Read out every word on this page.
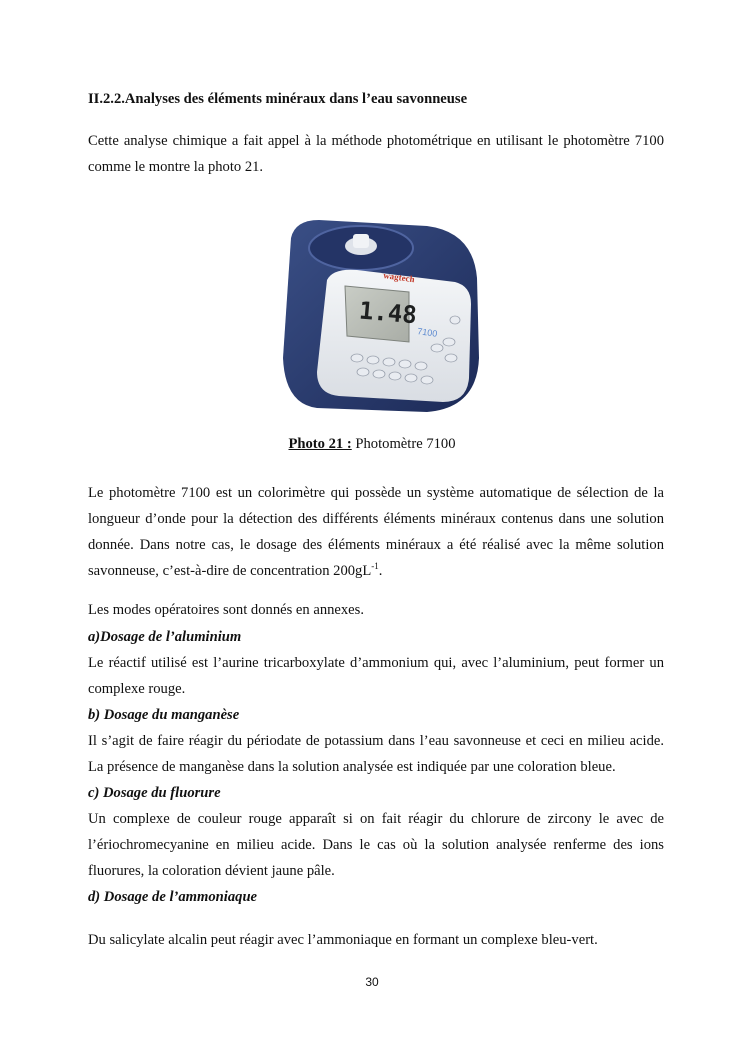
II.2.2.Analyses des éléments minéraux dans l’eau savonneuse
Cette analyse chimique a fait appel à la méthode photométrique en utilisant le photomètre 7100 comme le montre la photo 21.
wagtech
1.48
7100
Photo 21 : Photomètre 7100
Le photomètre 7100 est un colorimètre qui possède un système automatique de sélection de la longueur d’onde pour la détection des différents éléments minéraux contenus dans une solution donnée. Dans notre cas, le dosage des éléments minéraux a été réalisé avec la même solution savonneuse, c’est-à-dire de concentration $200gL^{-1}$.
Les modes opératoires sont donnés en annexes.
a)Dosage de l’aluminium
Le réactif utilisé est l’aurine tricarboxylate d’ammonium qui, avec l’aluminium, peut former un complexe rouge.
b) Dosage du manganèse
Il s’agit de faire réagir du périodate de potassium dans l’eau savonneuse et ceci en milieu acide. La présence de manganèse dans la solution analysée est indiquée par une coloration bleue.
c) Dosage du fluorure
Un complexe de couleur rouge apparaît si on fait réagir du chlorure de zircony le avec de l’ériochromecyanine en milieu acide. Dans le cas où la solution analysée renferme des ions fluorures, la coloration dévient jaune pâle.
d) Dosage de l’ammoniaque
Du salicylate alcalin peut réagir avec l’ammoniaque en formant un complexe bleu-vert.
30
